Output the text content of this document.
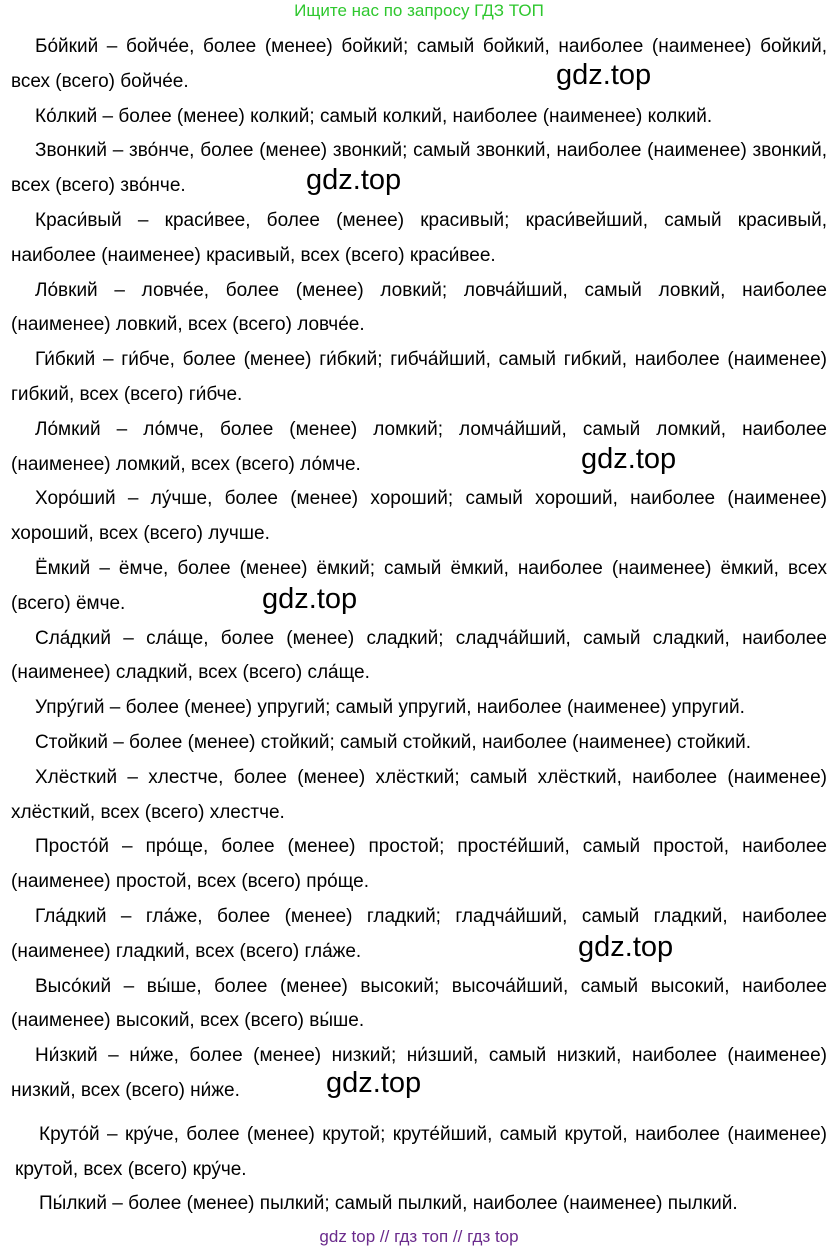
Ищите нас по запросу ГДЗ ТОП

Бо́йкий – бойче́е, более (менее) бойкий; самый бойкий, наиболее (наименее) бойкий, всех (всего) бойче́е.

Ко́лкий – более (менее) колкий; самый колкий, наиболее (наименее) колкий.

Звонкий – зво́нче, более (менее) звонкий; самый звонкий, наиболее (наименее) звонкий, всех (всего) зво́нче.

Краси́вый – краси́вее, более (менее) красивый; краси́вейший, самый красивый, наиболее (наименее) красивый, всех (всего) краси́вее.

Ло́вкий – ловче́е, более (менее) ловкий; ловча́йший, самый ловкий, наиболее (наименее) ловкий, всех (всего) ловче́е.

Ги́бкий – ги́бче, более (менее) ги́бкий; гибча́йший, самый гибкий, наиболее (наименее) гибкий, всех (всего) ги́бче.

Ло́мкий – ло́мче, более (менее) ломкий; ломча́йший, самый ломкий, наиболее (наименее) ломкий, всех (всего) ло́мче.

Хоро́ший – лу́чше, более (менее) хороший; самый хороший, наиболее (наименее) хороший, всех (всего) лучше.

Ёмкий – ёмче, более (менее) ёмкий; самый ёмкий, наиболее (наименее) ёмкий, всех (всего) ёмче.

Сла́дкий – сла́ще, более (менее) сладкий; сладча́йший, самый сладкий, наиболее (наименее) сладкий, всех (всего) сла́ще.

Упру́гий – более (менее) упругий; самый упругий, наиболее (наименее) упругий.

Стойкий – более (менее) стойкий; самый стойкий, наиболее (наименее) стойкий.

Хлёсткий – хлестче, более (менее) хлёсткий; самый хлёсткий, наиболее (наименее) хлёсткий, всех (всего) хлестче.

Просто́й – про́ще, более (менее) простой; просте́йший, самый простой, наиболее (наименее) простой, всех (всего) про́ще.

Гла́дкий – гла́же, более (менее) гладкий; гладча́йший, самый гладкий, наиболее (наименее) гладкий, всех (всего) гла́же.

Высо́кий – вы́ше, более (менее) высокий; высоча́йший, самый высокий, наиболее (наименее) высокий, всех (всего) вы́ше.

Ни́зкий – ни́же, более (менее) низкий; ни́зший, самый низкий, наиболее (наименее) низкий, всех (всего) ни́же.

Круто́й – кру́че, более (менее) крутой; круте́йший, самый крутой, наиболее (наименее) крутой, всех (всего) кру́че.

Пы́лкий – более (менее) пылкий; самый пылкий, наиболее (наименее) пылкий.

gdz.top
gdz.top
gdz.top
gdz.top
gdz.top
gdz.top
gdz top // гдз топ // гдз top
